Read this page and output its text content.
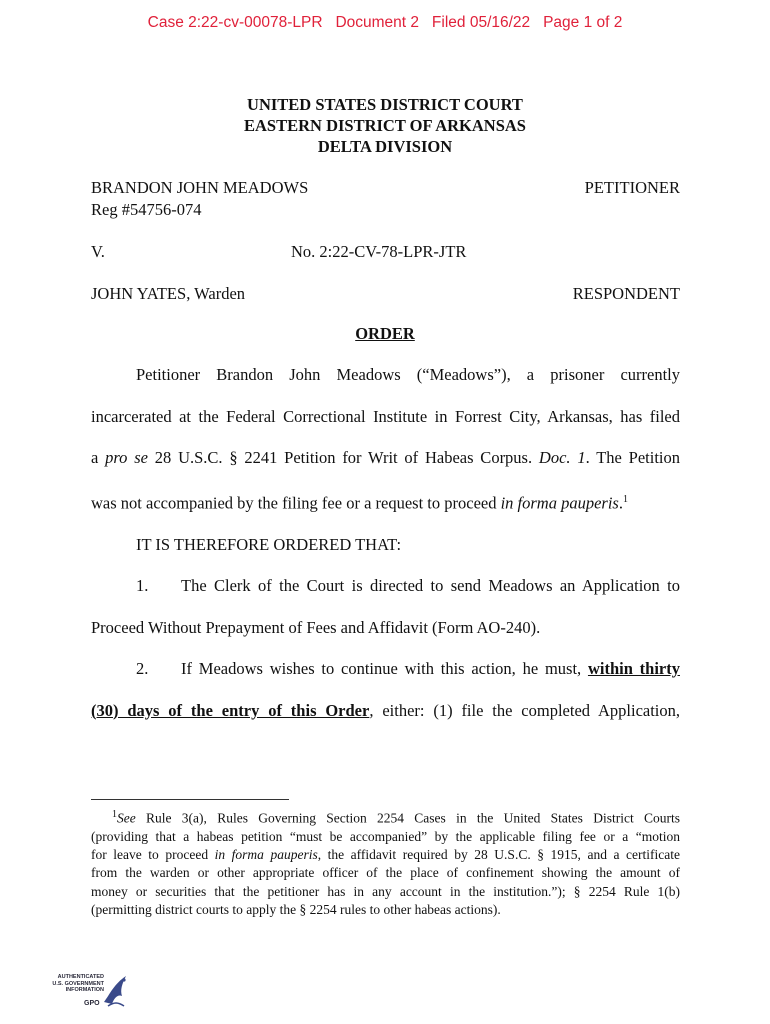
Case 2:22-cv-00078-LPR   Document 2   Filed 05/16/22   Page 1 of 2
UNITED STATES DISTRICT COURT
EASTERN DISTRICT OF ARKANSAS
DELTA DIVISION
BRANDON JOHN MEADOWS
Reg #54756-074
PETITIONER
V.	No. 2:22-CV-78-LPR-JTR
JOHN YATES, Warden	RESPONDENT
ORDER
Petitioner Brandon John Meadows (“Meadows”), a prisoner currently
incarcerated at the Federal Correctional Institute in Forrest City, Arkansas, has filed
a pro se 28 U.S.C. § 2241 Petition for Writ of Habeas Corpus. Doc. 1. The Petition
was not accompanied by the filing fee or a request to proceed in forma pauperis.$^1$
IT IS THEREFORE ORDERED THAT:
1. The Clerk of the Court is directed to send Meadows an Application to
Proceed Without Prepayment of Fees and Affidavit (Form AO-240).
2. If Meadows wishes to continue with this action, he must, within thirty
(30) days of the entry of this Order, either: (1) file the completed Application,
$^1$See Rule 3(a), Rules Governing Section 2254 Cases in the United States District Courts
(providing that a habeas petition “must be accompanied” by the applicable filing fee or a “motion
for leave to proceed in forma pauperis, the affidavit required by 28 U.S.C. § 1915, and a certificate
from the warden or other appropriate officer of the place of confinement showing the amount of
money or securities that the petitioner has in any account in the institution.”); § 2254 Rule 1(b)
(permitting district courts to apply the § 2254 rules to other habeas actions).
AUTHENTICATED
U.S. GOVERNMENT
INFORMATION
GPO
